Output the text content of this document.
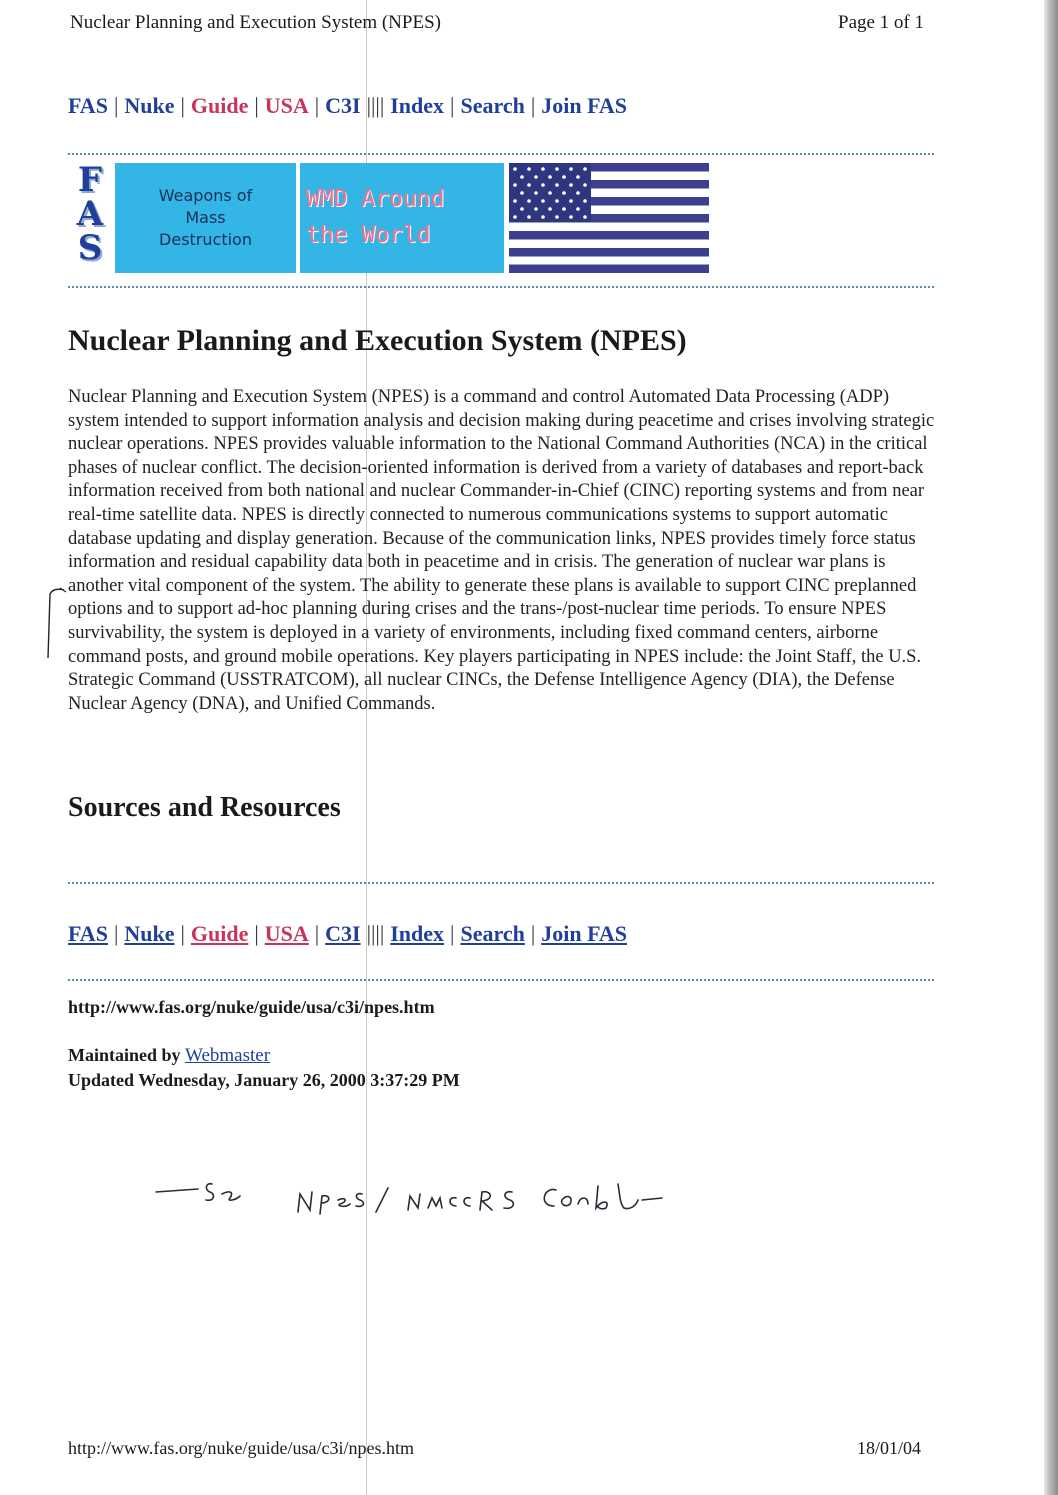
Nuclear Planning and Execution System (NPES)	Page 1 of 1
FAS | Nuke | Guide | USA | C3I |||| Index | Search | Join FAS
F
A
S
Weapons of Mass Destruction
WMD Around
the World
Nuclear Planning and Execution System (NPES)
Nuclear Planning and Execution System (NPES) is a command and control Automated Data Processing (ADP) system intended to support information analysis and decision making during peacetime and crises involving strategic nuclear operations. NPES provides valuable information to the National Command Authorities (NCA) in the critical phases of nuclear conflict. The decision-oriented information is derived from a variety of databases and report-back information received from both national and nuclear Commander-in-Chief (CINC) reporting systems and from near real-time satellite data. NPES is directly connected to numerous communications systems to support automatic database updating and display generation. Because of the communication links, NPES provides timely force status information and residual capability data both in peacetime and in crisis. The generation of nuclear war plans is another vital component of the system. The ability to generate these plans is available to support CINC preplanned options and to support ad-hoc planning during crises and the trans-/post-nuclear time periods. To ensure NPES survivability, the system is deployed in a variety of environments, including fixed command centers, airborne command posts, and ground mobile operations. Key players participating in NPES include: the Joint Staff, the U.S. Strategic Command (USSTRATCOM), all nuclear CINCs, the Defense Intelligence Agency (DIA), the Defense Nuclear Agency (DNA), and Unified Commands.
Sources and Resources
FAS | Nuke | Guide | USA | C3I |||| Index | Search | Join FAS
http://www.fas.org/nuke/guide/usa/c3i/npes.htm
Maintained by Webmaster
Updated Wednesday, January 26, 2000 3:37:29 PM
http://www.fas.org/nuke/guide/usa/c3i/npes.htm	18/01/04
